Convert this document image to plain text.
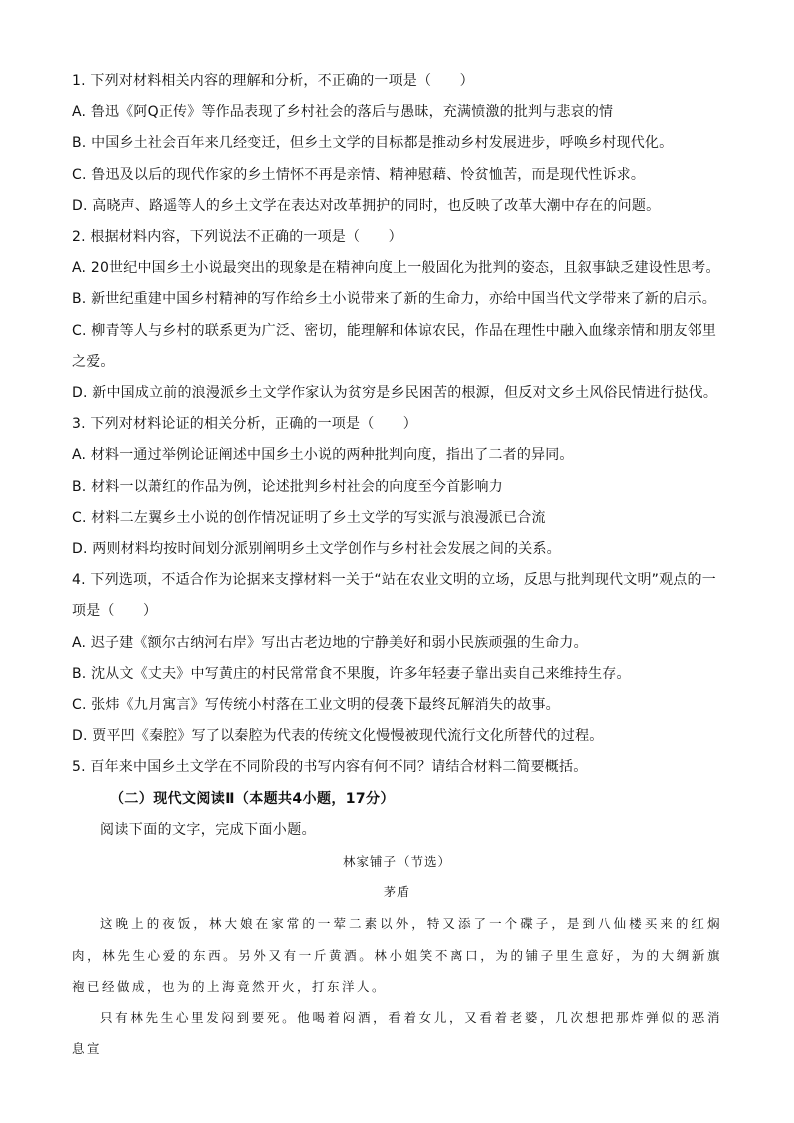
1. 下列对材料相关内容的理解和分析，不正确的一项是（　　）
A. 鲁迅《阿Q正传》等作品表现了乡村社会的落后与愚昧，充满愤激的批判与悲哀的情
B. 中国乡土社会百年来几经变迁，但乡土文学的目标都是推动乡村发展进步，呼唤乡村现代化。
C. 鲁迅及以后的现代作家的乡土情怀不再是亲情、精神慰藉、怜贫恤苦，而是现代性诉求。
D. 高晓声、路遥等人的乡土文学在表达对改革拥护的同时，也反映了改革大潮中存在的问题。
2. 根据材料内容，下列说法不正确的一项是（　　）
A. 20世纪中国乡土小说最突出的现象是在精神向度上一般固化为批判的姿态，且叙事缺乏建设性思考。
B. 新世纪重建中国乡村精神的写作给乡土小说带来了新的生命力，亦给中国当代文学带来了新的启示。
C. 柳青等人与乡村的联系更为广泛、密切，能理解和体谅农民，作品在理性中融入血缘亲情和朋友邻里之爱。
D. 新中国成立前的浪漫派乡土文学作家认为贫穷是乡民困苦的根源，但反对文乡土风俗民情进行挞伐。
3. 下列对材料论证的相关分析，正确的一项是（　　）
A. 材料一通过举例论证阐述中国乡土小说的两种批判向度，指出了二者的异同。
B. 材料一以萧红的作品为例，论述批判乡村社会的向度至今首影响力
C. 材料二左翼乡土小说的创作情况证明了乡土文学的写实派与浪漫派已合流
D. 两则材料均按时间划分派别阐明乡土文学创作与乡村社会发展之间的关系。
4. 下列选项，不适合作为论据来支撑材料一关于“站在农业文明的立场，反思与批判现代文明”观点的一项是（　　）
A. 迟子建《额尔古纳河右岸》写出古老边地的宁静美好和弱小民族顽强的生命力。
B. 沈从文《丈夫》中写黄庄的村民常常食不果腹，许多年轻妻子靠出卖自己来维持生存。
C. 张炜《九月寓言》写传统小村落在工业文明的侵袭下最终瓦解消失的故事。
D. 贾平凹《秦腔》写了以秦腔为代表的传统文化慢慢被现代流行文化所替代的过程。
5. 百年来中国乡土文学在不同阶段的书写内容有何不同？请结合材料二简要概括。
（二）现代文阅读Ⅱ（本题共4小题，17分）
阅读下面的文字，完成下面小题。
林家铺子（节选）
茅盾

这晚上的夜饭，林大娘在家常的一荤二素以外，特又添了一个碟子，是到八仙楼买来的红焖肉，林先生心爱的东西。另外又有一斤黄酒。林小姐笑不离口，为的铺子里生意好，为的大绸新旗袍已经做成，也为的上海竟然开火，打东洋人。

只有林先生心里发闷到要死。他喝着闷酒，看着女儿，又看着老婆，几次想把那炸弹似的恶消息宣
